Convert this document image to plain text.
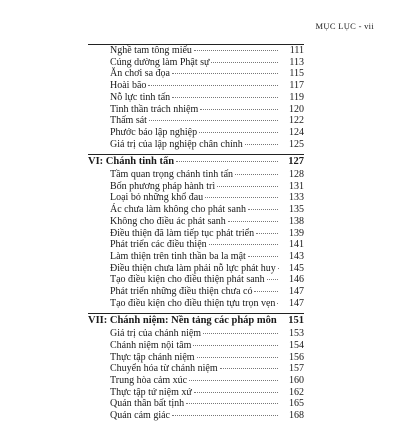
MỤC LỤC - vii
Nghề tam tông miếu	111
Cúng dường làm Phật sự	113
Ăn chơi sa đọa	115
Hoài bão	117
Nỗ lực tinh tấn	119
Tinh thần trách nhiệm	120
Thấm sát	122
Phước báo lập nghiệp	124
Giá trị của lập nghiệp chân chính	125
VI: Chánh tinh tấn	127
Tầm quan trọng chánh tinh tấn	128
Bốn phương pháp hành trì	131
Loại bỏ những khổ đau	133
Ác chưa làm không cho phát sanh	135
Không cho điều ác phát sanh	138
Điều thiện đã làm tiếp tục phát triển	139
Phát triển các điều thiện	141
Làm thiện trên tinh thần ba la mật	143
Điều thiện chưa làm phải nỗ lực phát huy	145
Tạo điều kiện cho điều thiện phát sanh	146
Phát triển những điều thiện chưa có	147
Tạo điều kiện cho điều thiện tựu trọn vẹn	147
VII: Chánh niệm: Nền tảng các pháp môn	151
Giá trị của chánh niệm	153
Chánh niệm nội tâm	154
Thực tập chánh niệm	156
Chuyển hóa từ chánh niệm	157
Trung hòa cảm xúc	160
Thực tập tứ niệm xứ	162
Quán thân bất tịnh	165
Quán cảm giác	168
